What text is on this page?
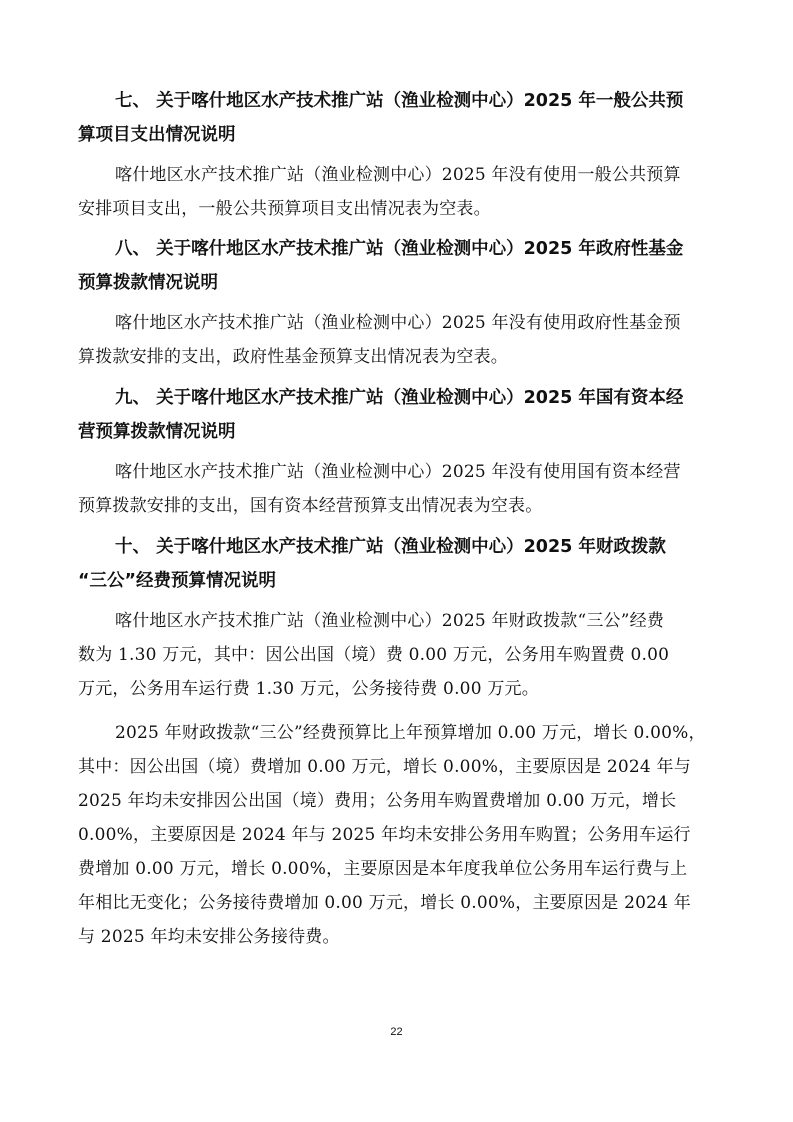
七、 关于喀什地区水产技术推广站（渔业检测中心）2025 年一般公共预
算项目支出情况说明

喀什地区水产技术推广站（渔业检测中心）2025 年没有使用一般公共预算
安排项目支出，一般公共预算项目支出情况表为空表。

八、 关于喀什地区水产技术推广站（渔业检测中心）2025 年政府性基金
预算拨款情况说明

喀什地区水产技术推广站（渔业检测中心）2025 年没有使用政府性基金预
算拨款安排的支出，政府性基金预算支出情况表为空表。

九、 关于喀什地区水产技术推广站（渔业检测中心）2025 年国有资本经
营预算拨款情况说明

喀什地区水产技术推广站（渔业检测中心）2025 年没有使用国有资本经营
预算拨款安排的支出，国有资本经营预算支出情况表为空表。

十、 关于喀什地区水产技术推广站（渔业检测中心）2025 年财政拨款
“三公”经费预算情况说明

喀什地区水产技术推广站（渔业检测中心）2025 年财政拨款“三公”经费
数为 1.30 万元，其中：因公出国（境）费 0.00 万元，公务用车购置费 0.00
万元，公务用车运行费 1.30 万元，公务接待费 0.00 万元。

2025 年财政拨款“三公”经费预算比上年预算增加 0.00 万元，增长 0.00%，
其中：因公出国（境）费增加 0.00 万元，增长 0.00%，主要原因是 2024 年与
2025 年均未安排因公出国（境）费用；公务用车购置费增加 0.00 万元，增长
0.00%，主要原因是 2024 年与 2025 年均未安排公务用车购置；公务用车运行
费增加 0.00 万元，增长 0.00%，主要原因是本年度我单位公务用车运行费与上
年相比无变化；公务接待费增加 0.00 万元，增长 0.00%，主要原因是 2024 年
与 2025 年均未安排公务接待费。

22
